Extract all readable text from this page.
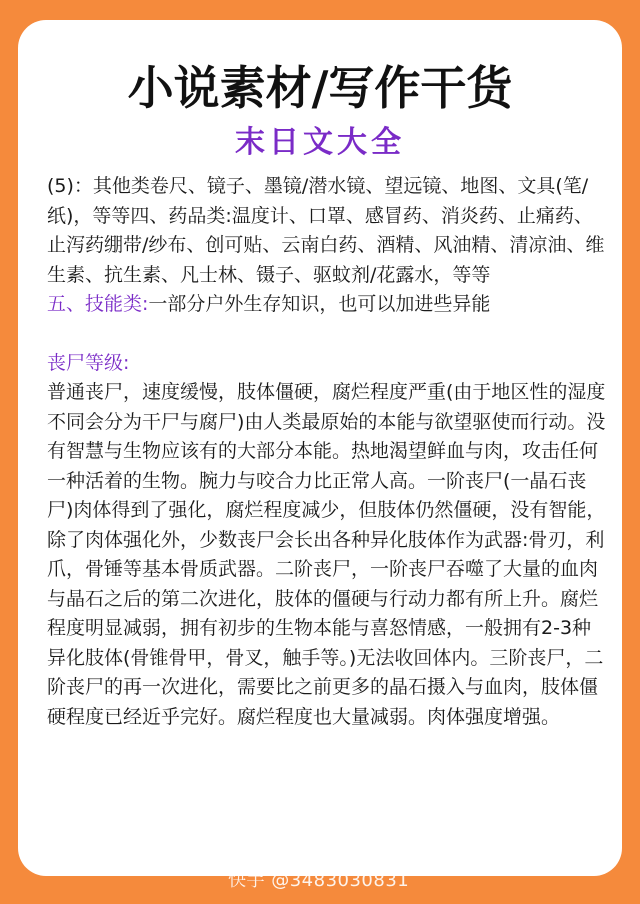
小说素材/写作干货
末日文大全

(5)：其他类卷尺、镜子、墨镜/潜水镜、望远镜、地图、文具(笔/纸)，等等四、药品类:温度计、口罩、感冒药、消炎药、止痛药、止泻药绷带/纱布、创可贴、云南白药、酒精、风油精、清凉油、维生素、抗生素、凡士林、镊子、驱蚊剂/花露水，等等

五、技能类:一部分户外生存知识，也可以加进些异能

丧尸等级:

普通丧尸，速度缓慢，肢体僵硬，腐烂程度严重(由于地区性的湿度不同会分为干尸与腐尸)由人类最原始的本能与欲望驱使而行动。没有智慧与生物应该有的大部分本能。热地渴望鲜血与肉，攻击任何一种活着的生物。腕力与咬合力比正常人高。一阶丧尸(一晶石丧尸)肉体得到了强化，腐烂程度减少，但肢体仍然僵硬，没有智能，除了肉体强化外，少数丧尸会长出各种异化肢体作为武器:骨刃，利爪，骨锤等基本骨质武器。二阶丧尸，一阶丧尸吞噬了大量的血肉与晶石之后的第二次进化，肢体的僵硬与行动力都有所上升。腐烂程度明显减弱，拥有初步的生物本能与喜怒情感，一般拥有2-3种异化肢体(骨锥骨甲，骨叉，触手等。)无法收回体内。三阶丧尸，二阶丧尸的再一次进化，需要比之前更多的晶石摄入与血肉，肢体僵硬程度已经近乎完好。腐烂程度也大量减弱。肉体强度增强。

快手 @3483030831
